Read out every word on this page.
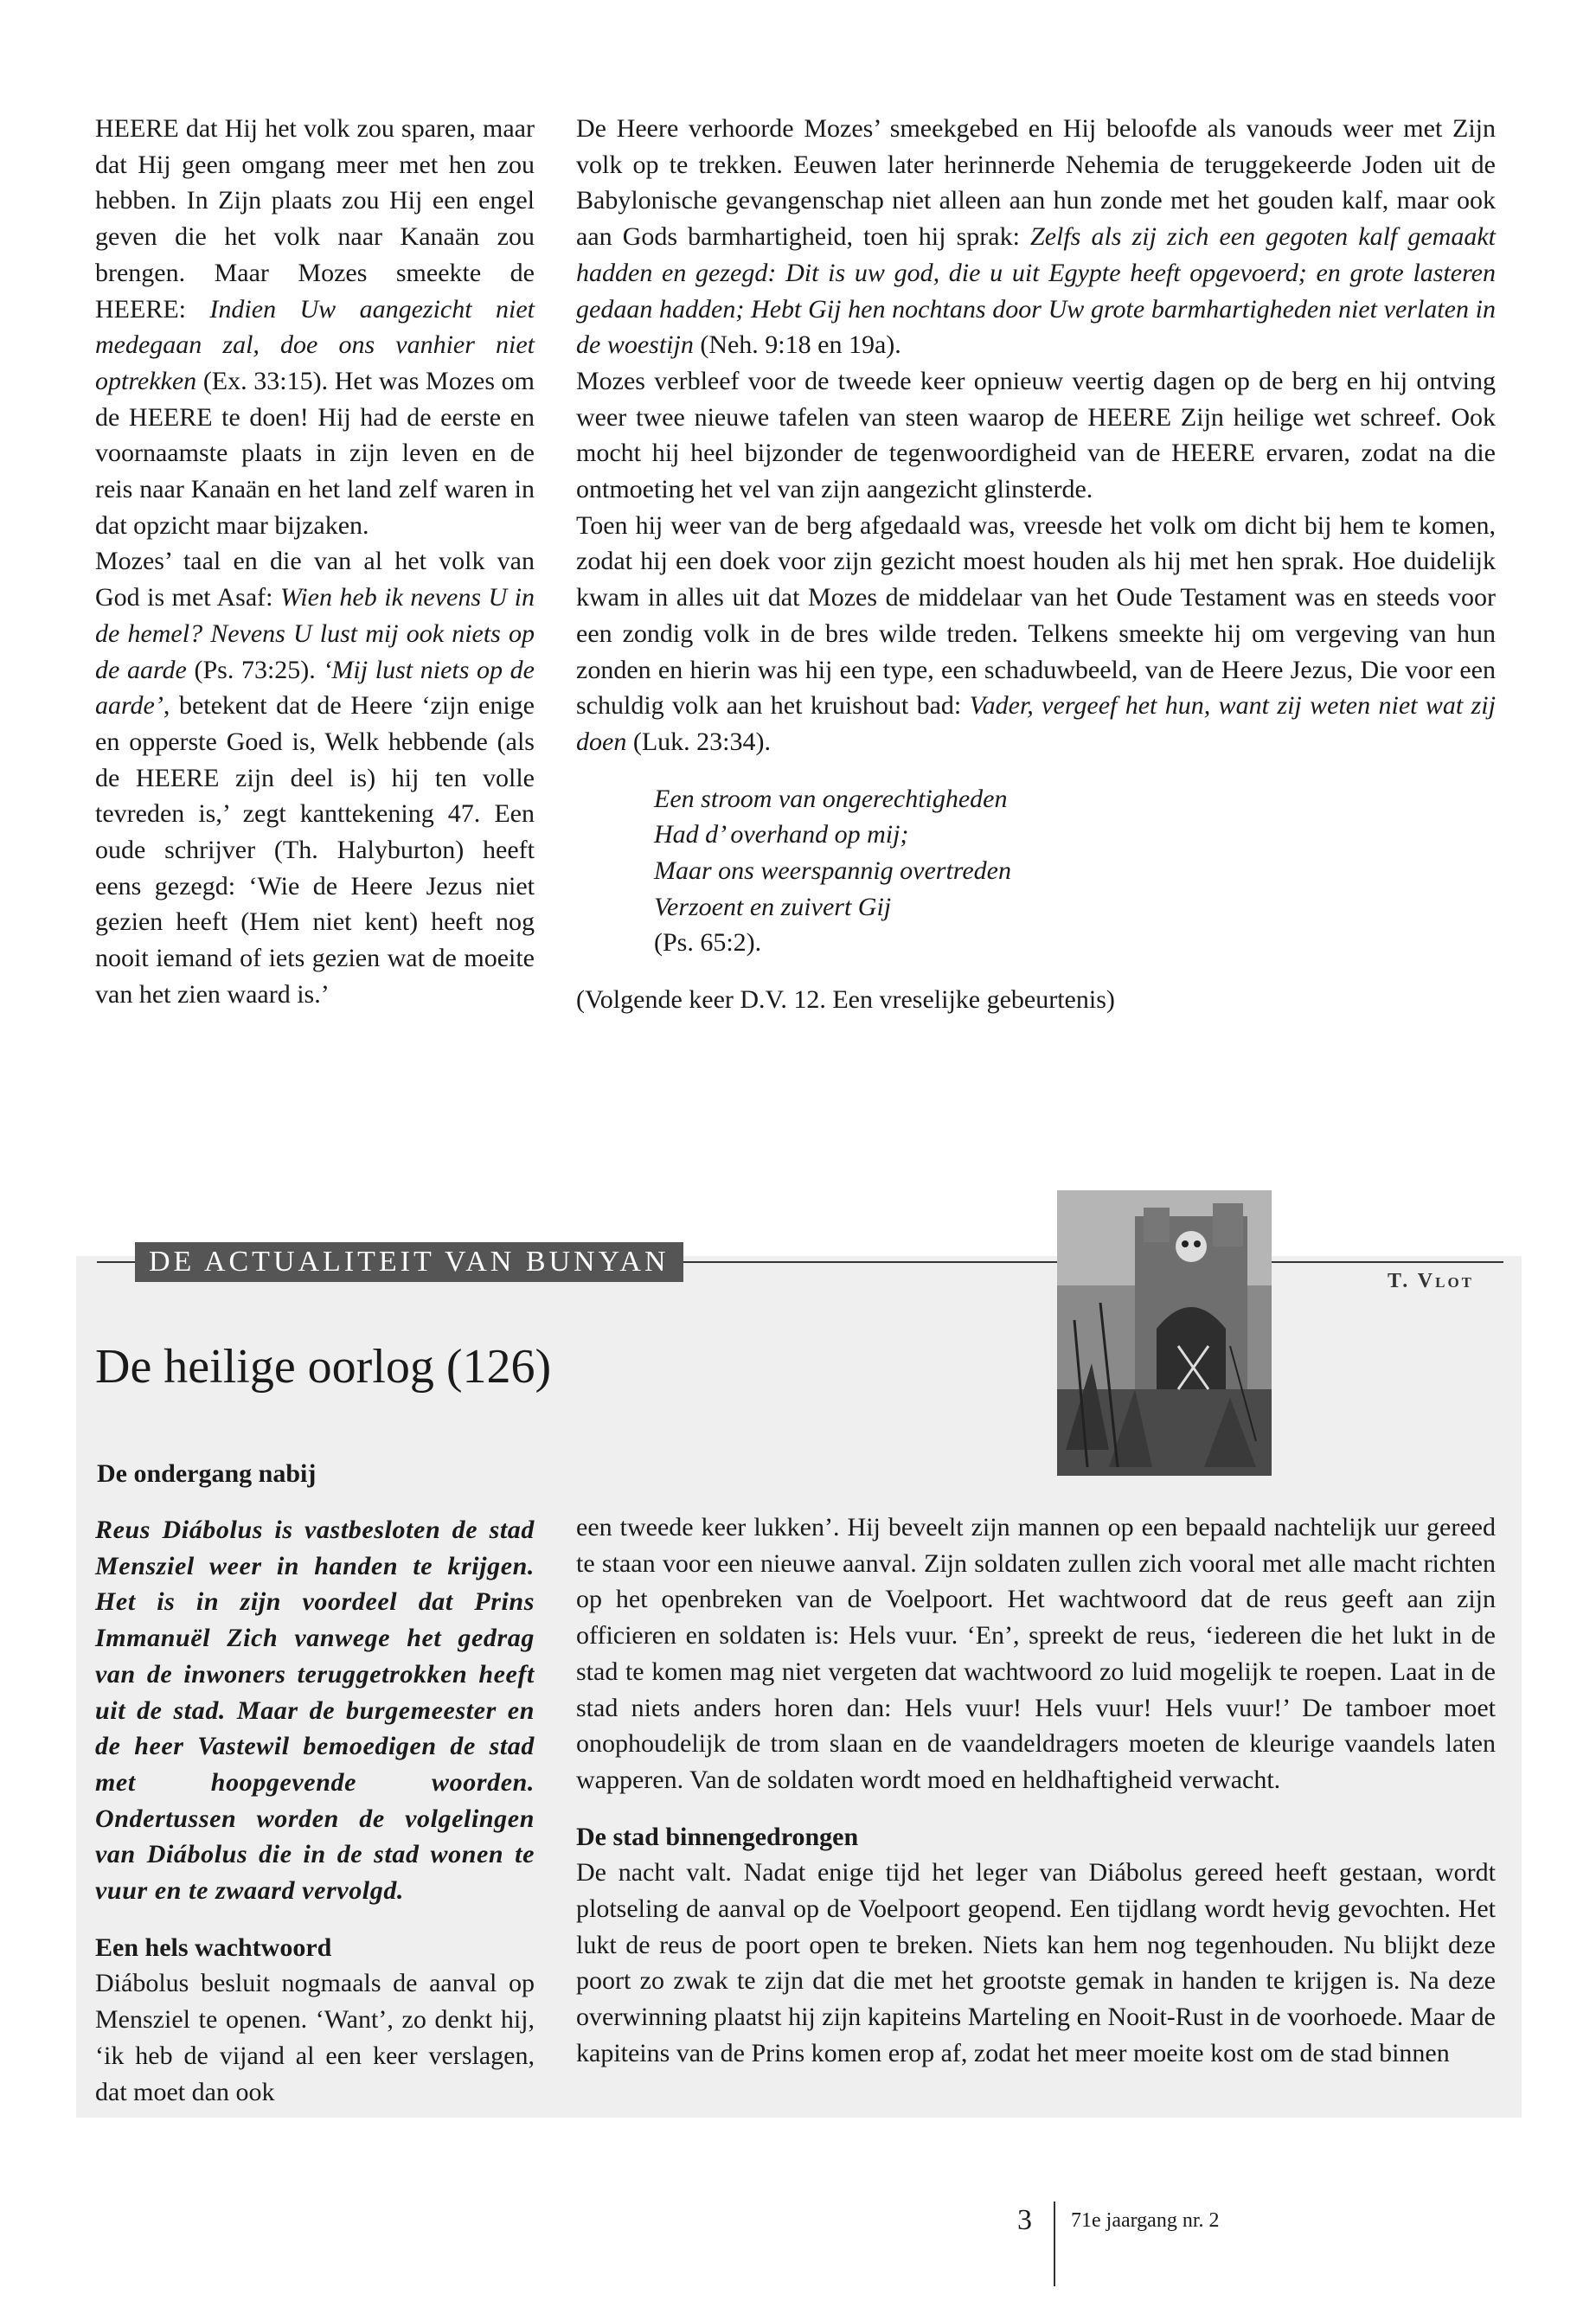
HEERE dat Hij het volk zou sparen, maar dat Hij geen omgang meer met hen zou hebben. In Zijn plaats zou Hij een engel geven die het volk naar Kanaän zou brengen. Maar Mozes smeekte de HEERE: Indien Uw aangezicht niet medegaan zal, doe ons vanhier niet optrekken (Ex. 33:15). Het was Mozes om de HEERE te doen! Hij had de eerste en voornaamste plaats in zijn leven en de reis naar Kanaän en het land zelf waren in dat opzicht maar bijzaken.

Mozes’ taal en die van al het volk van God is met Asaf: Wien heb ik nevens U in de hemel? Nevens U lust mij ook niets op de aarde (Ps. 73:25). ‘Mij lust niets op de aarde’, betekent dat de Heere ‘zijn enige en opperste Goed is, Welk hebbende (als de HEERE zijn deel is) hij ten volle tevreden is,’ zegt kanttekening 47. Een oude schrijver (Th. Halyburton) heeft eens gezegd: ‘Wie de Heere Jezus niet gezien heeft (Hem niet kent) heeft nog nooit iemand of iets gezien wat de moeite van het zien waard is.’

De Heere verhoorde Mozes’ smeekgebed en Hij beloofde als vanouds weer met Zijn volk op te trekken. Eeuwen later herinnerde Nehemia de teruggekeerde Joden uit de Babylonische gevangenschap niet alleen aan hun zonde met het gouden kalf, maar ook aan Gods barmhartigheid, toen hij sprak: Zelfs als zij zich een gegoten kalf gemaakt hadden en gezegd: Dit is uw god, die u uit Egypte heeft opgevoerd; en grote lasteren gedaan hadden; Hebt Gij hen nochtans door Uw grote barmhartigheden niet verlaten in de woestijn (Neh. 9:18 en 19a).

Mozes verbleef voor de tweede keer opnieuw veertig dagen op de berg en hij ontving weer twee nieuwe tafelen van steen waarop de HEERE Zijn heilige wet schreef. Ook mocht hij heel bijzonder de tegenwoordigheid van de HEERE ervaren, zodat na die ontmoeting het vel van zijn aangezicht glinsterde.

Toen hij weer van de berg afgedaald was, vreesde het volk om dicht bij hem te komen, zodat hij een doek voor zijn gezicht moest houden als hij met hen sprak. Hoe duidelijk kwam in alles uit dat Mozes de middelaar van het Oude Testament was en steeds voor een zondig volk in de bres wilde treden. Telkens smeekte hij om vergeving van hun zonden en hierin was hij een type, een schaduwbeeld, van de Heere Jezus, Die voor een schuldig volk aan het kruishout bad: Vader, vergeef het hun, want zij weten niet wat zij doen (Luk. 23:34).

Een stroom van ongerechtigheden
Had d’ overhand op mij;
Maar ons weerspannig overtreden
Verzoent en zuivert Gij
(Ps. 65:2).
(Volgende keer D.V. 12. Een vreselijke gebeurtenis)
DE ACTUALITEIT VAN BUNYAN
T. Vlot
De heilige oorlog (126)
De ondergang nabij

Reus Diábolus is vastbesloten de stad Mensziel weer in handen te krijgen. Het is in zijn voordeel dat Prins Immanuël Zich vanwege het gedrag van de inwoners teruggetrokken heeft uit de stad. Maar de burgemeester en de heer Vastewil bemoedigen de stad met hoopgevende woorden. Ondertussen worden de volgelingen van Diábolus die in de stad wonen te vuur en te zwaard vervolgd.

Een hels wachtwoord

Diábolus besluit nogmaals de aanval op Mensziel te openen. ‘Want’, zo denkt hij, ‘ik heb de vijand al een keer verslagen, dat moet dan ook

een tweede keer lukken’. Hij beveelt zijn mannen op een bepaald nachtelijk uur gereed te staan voor een nieuwe aanval. Zijn soldaten zullen zich vooral met alle macht richten op het openbreken van de Voelpoort. Het wachtwoord dat de reus geeft aan zijn officieren en soldaten is: Hels vuur. ‘En’, spreekt de reus, ‘iedereen die het lukt in de stad te komen mag niet vergeten dat wachtwoord zo luid mogelijk te roepen. Laat in de stad niets anders horen dan: Hels vuur! Hels vuur! Hels vuur!’ De tamboer moet onophoudelijk de trom slaan en de vaandeldragers moeten de kleurige vaandels laten wapperen. Van de soldaten wordt moed en heldhaftigheid verwacht.

De stad binnengedrongen

De nacht valt. Nadat enige tijd het leger van Diábolus gereed heeft gestaan, wordt plotseling de aanval op de Voelpoort geopend. Een tijdlang wordt hevig gevochten. Het lukt de reus de poort open te breken. Niets kan hem nog tegenhouden. Nu blijkt deze poort zo zwak te zijn dat die met het grootste gemak in handen te krijgen is. Na deze overwinning plaatst hij zijn kapiteins Marteling en Nooit-Rust in de voorhoede. Maar de kapiteins van de Prins komen erop af, zodat het meer moeite kost om de stad binnen

3 71e jaargang nr. 2
